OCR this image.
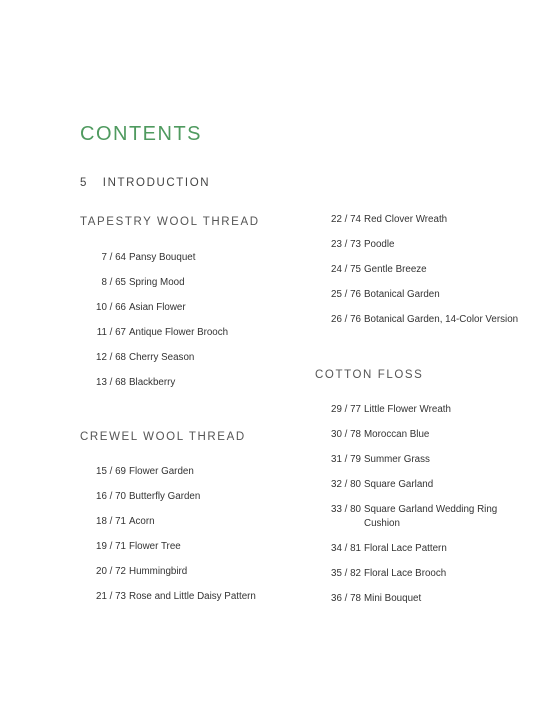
CONTENTS
5 INTRODUCTION
TAPESTRY WOOL THREAD
7 / 64 Pansy Bouquet
8 / 65 Spring Mood
10 / 66 Asian Flower
11 / 67 Antique Flower Brooch
12 / 68 Cherry Season
13 / 68 Blackberry
CREWEL WOOL THREAD
15 / 69 Flower Garden
16 / 70 Butterfly Garden
18 / 71 Acorn
19 / 71 Flower Tree
20 / 72 Hummingbird
21 / 73 Rose and Little Daisy Pattern
22 / 74 Red Clover Wreath
23 / 73 Poodle
24 / 75 Gentle Breeze
25 / 76 Botanical Garden
26 / 76 Botanical Garden, 14-Color Version
COTTON FLOSS
29 / 77 Little Flower Wreath
30 / 78 Moroccan Blue
31 / 79 Summer Grass
32 / 80 Square Garland
33 / 80 Square Garland Wedding Ring Cushion
34 / 81 Floral Lace Pattern
35 / 82 Floral Lace Brooch
36 / 78 Mini Bouquet
